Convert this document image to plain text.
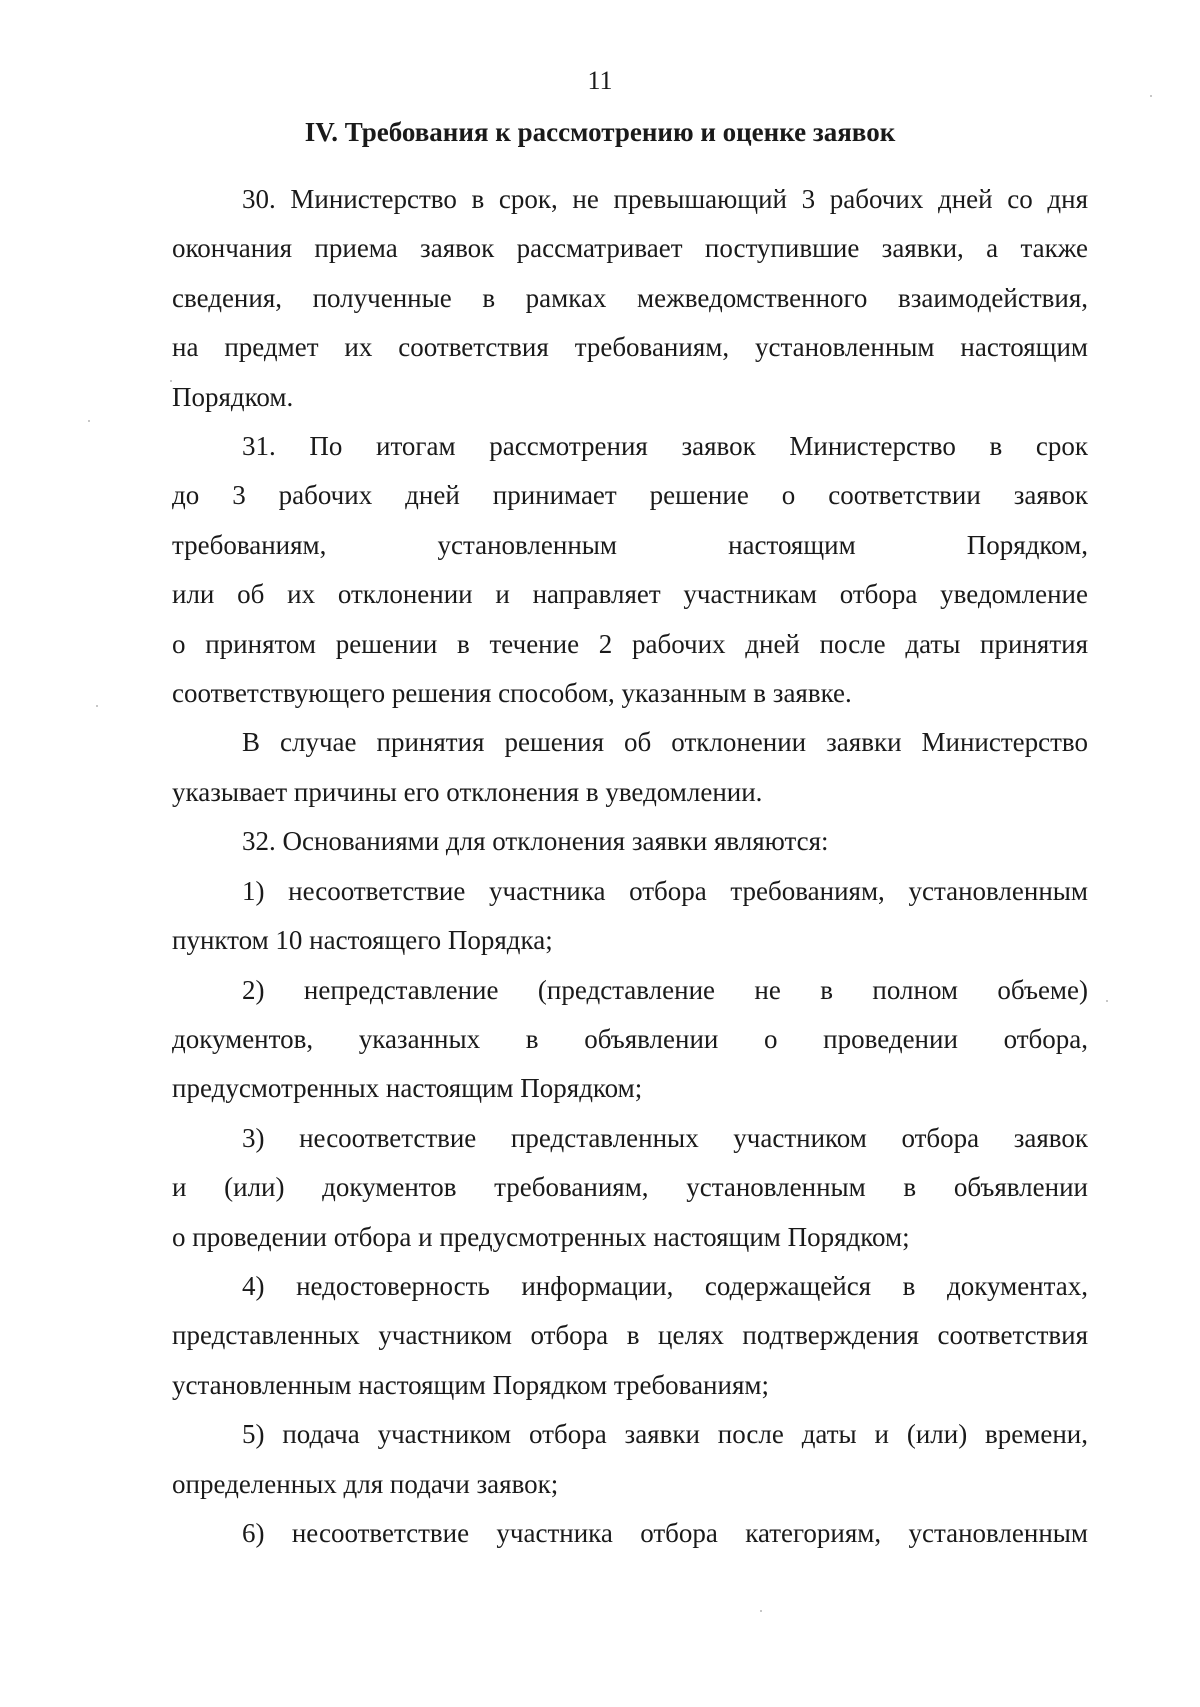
11
IV. Требования к рассмотрению и оценке заявок

30. Министерство в срок, не превышающий 3 рабочих дней со дня

окончания приема заявок рассматривает поступившие заявки, а также

сведения, полученные в рамках межведомственного взаимодействия,

на предмет их соответствия требованиям, установленным настоящим

Порядком.

31. По итогам рассмотрения заявок Министерство в срок

до 3 рабочих дней принимает решение о соответствии заявок

требованиям, установленным настоящим Порядком,

или об их отклонении и направляет участникам отбора уведомление

о принятом решении в течение 2 рабочих дней после даты принятия

соответствующего решения способом, указанным в заявке.

В случае принятия решения об отклонении заявки Министерство

указывает причины его отклонения в уведомлении.

32. Основаниями для отклонения заявки являются:

1) несоответствие участника отбора требованиям, установленным

пунктом 10 настоящего Порядка;

2) непредставление (представление не в полном объеме)

документов, указанных в объявлении о проведении отбора,

предусмотренных настоящим Порядком;

3) несоответствие представленных участником отбора заявок

и (или) документов требованиям, установленным в объявлении

о проведении отбора и предусмотренных настоящим Порядком;

4) недостоверность информации, содержащейся в документах,

представленных участником отбора в целях подтверждения соответствия

установленным настоящим Порядком требованиям;

5) подача участником отбора заявки после даты и (или) времени,

определенных для подачи заявок;

6) несоответствие участника отбора категориям, установленным
